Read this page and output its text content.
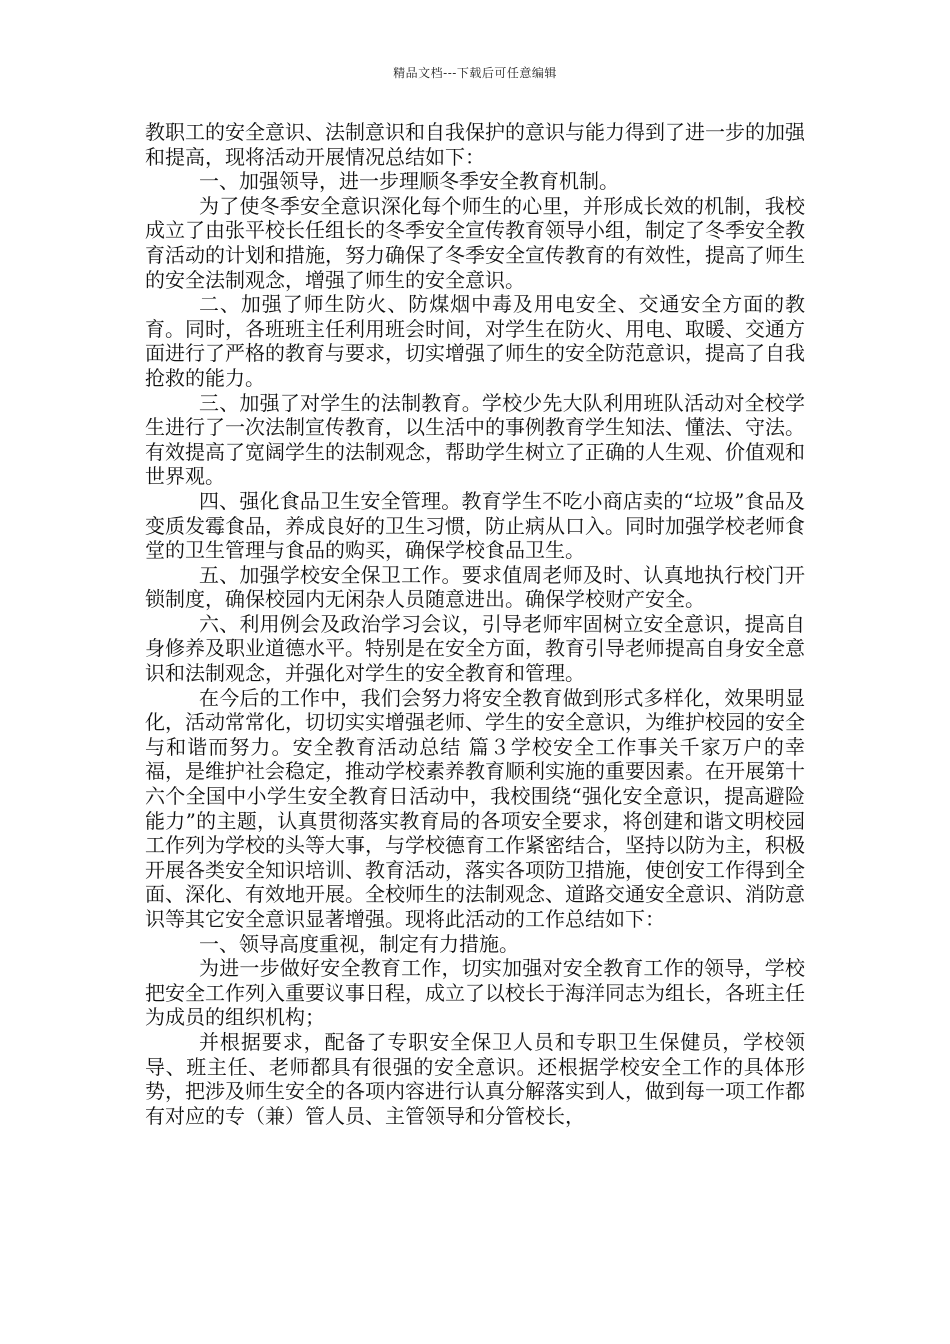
精品文档---下载后可任意编辑

教职工的安全意识、法制意识和自我保护的意识与能力得到了进一步的加强和提高，现将活动开展情况总结如下：

一、加强领导，进一步理顺冬季安全教育机制。

为了使冬季安全意识深化每个师生的心里，并形成长效的机制，我校成立了由张平校长任组长的冬季安全宣传教育领导小组，制定了冬季安全教育活动的计划和措施，努力确保了冬季安全宣传教育的有效性，提高了师生的安全法制观念，增强了师生的安全意识。

二、加强了师生防火、防煤烟中毒及用电安全、交通安全方面的教育。同时，各班班主任利用班会时间，对学生在防火、用电、取暖、交通方面进行了严格的教育与要求，切实增强了师生的安全防范意识，提高了自我抢救的能力。

三、加强了对学生的法制教育。学校少先大队利用班队活动对全校学生进行了一次法制宣传教育，以生活中的事例教育学生知法、懂法、守法。有效提高了宽阔学生的法制观念，帮助学生树立了正确的人生观、价值观和世界观。

四、强化食品卫生安全管理。教育学生不吃小商店卖的“垃圾”食品及变质发霉食品，养成良好的卫生习惯，防止病从口入。同时加强学校老师食堂的卫生管理与食品的购买，确保学校食品卫生。

五、加强学校安全保卫工作。要求值周老师及时、认真地执行校门开锁制度，确保校园内无闲杂人员随意进出。确保学校财产安全。

六、利用例会及政治学习会议，引导老师牢固树立安全意识，提高自身修养及职业道德水平。特别是在安全方面，教育引导老师提高自身安全意识和法制观念，并强化对学生的安全教育和管理。

在今后的工作中，我们会努力将安全教育做到形式多样化，效果明显化，活动常常化，切切实实增强老师、学生的安全意识，为维护校园的安全与和谐而努力。安全教育活动总结 篇３学校安全工作事关千家万户的幸福，是维护社会稳定，推动学校素养教育顺利实施的重要因素。在开展第十六个全国中小学生安全教育日活动中，我校围绕“强化安全意识，提高避险能力”的主题，认真贯彻落实教育局的各项安全要求，将创建和谐文明校园工作列为学校的头等大事，与学校德育工作紧密结合，坚持以防为主，积极开展各类安全知识培训、教育活动，落实各项防卫措施，使创安工作得到全面、深化、有效地开展。全校师生的法制观念、道路交通安全意识、消防意识等其它安全意识显著增强。现将此活动的工作总结如下：

一、领导高度重视，制定有力措施。

为进一步做好安全教育工作，切实加强对安全教育工作的领导，学校把安全工作列入重要议事日程，成立了以校长于海洋同志为组长，各班主任为成员的组织机构；

并根据要求，配备了专职安全保卫人员和专职卫生保健员，学校领导、班主任、老师都具有很强的安全意识。还根据学校安全工作的具体形势，把涉及师生安全的各项内容进行认真分解落实到人，做到每一项工作都有对应的专（兼）管人员、主管领导和分管校长，
